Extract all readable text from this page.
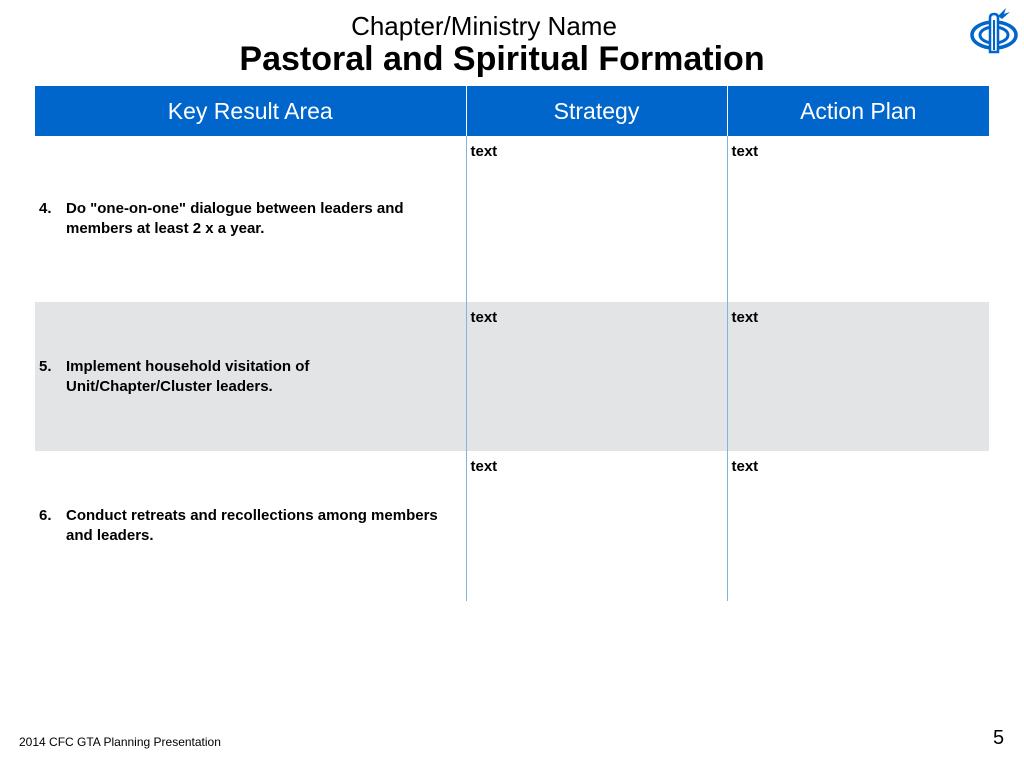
Chapter/Ministry Name
Pastoral and Spiritual Formation
Key Result Area	Strategy	Action Plan

4. Do "one-on-one" dialogue between leaders and members at least 2 x a year.	text	text

5. Implement household visitation of Unit/Chapter/Cluster leaders.	text	text

6. Conduct retreats and recollections among members and leaders.	text	text
2014 CFC GTA Planning Presentation	5
